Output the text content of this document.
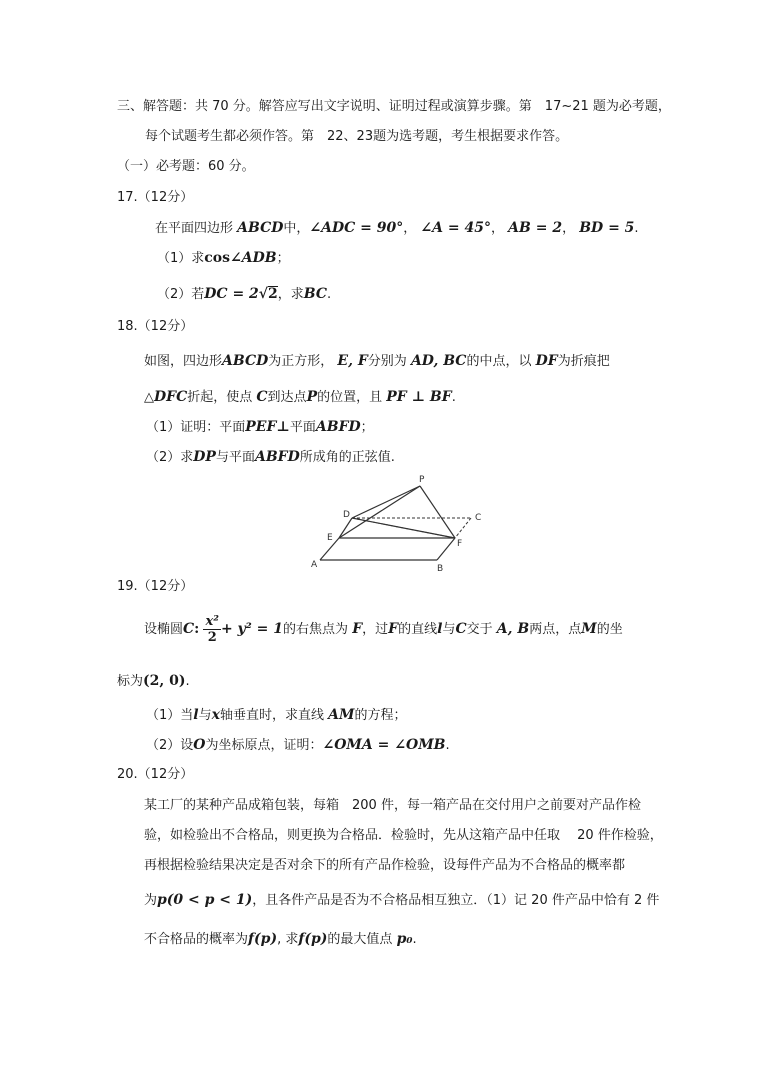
三、解答题：共 70 分。解答应写出文字说明、证明过程或演算步骤。第　17~21 题为必考题，
每个试题考生都必须作答。第　22、23题为选考题，考生根据要求作答。
（一）必考题：60 分。
17.（12分）
在平面四边形 ABCD中，∠ADC = 90°， ∠A = 45°， AB = 2， BD = 5.
（1）求cos∠ADB；
（2）若DC = 2√2，求BC.
18.（12分）
如图，四边形ABCD为正方形， E, F分别为 AD, BC的中点，以 DF为折痕把
△DFC折起，使点 C到达点P的位置，且 PF ⊥ BF.
（1）证明：平面PEF⊥平面ABFD；
（2）求DP与平面ABFD所成角的正弦值.
P
D	C
E
F
A	B
19.（12分）
设椭圆C: $\frac{\text{x²}}{2} + y^2 = 1$的右焦点为 F，过F的直线l与C交于 A, B两点，点M的坐
标为(2, 0).
（1）当l与x轴垂直时，求直线 AM的方程；
（2）设O为坐标原点，证明：∠OMA = ∠OMB.
20.（12分）
某工厂的某种产品成箱包装，每箱　200 件，每一箱产品在交付用户之前要对产品作检
验，如检验出不合格品，则更换为合格品．检验时，先从这箱产品中任取　 20 件作检验，
再根据检验结果决定是否对余下的所有产品作检验，设每件产品为不合格品的概率都
为p(0 < p < 1)，且各件产品是否为不合格品相互独立．（1）记 20 件产品中恰有 2 件
不合格品的概率为f(p), 求f(p)的最大值点 p₀.
